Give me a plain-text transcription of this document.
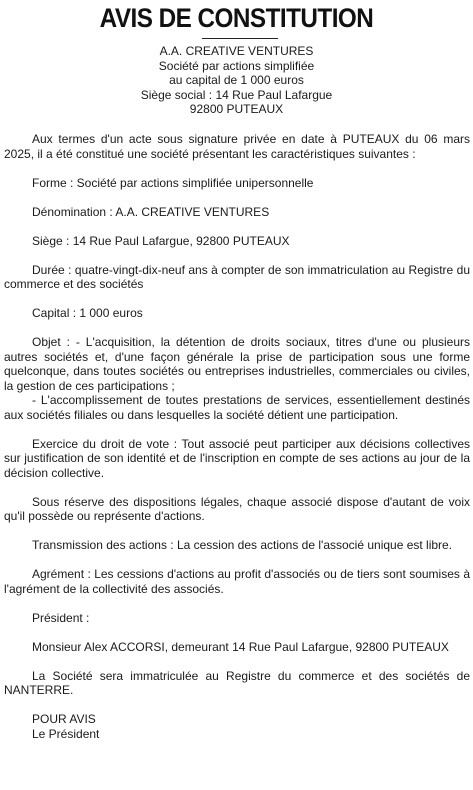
AVIS DE CONSTITUTION
A.A. CREATIVE VENTURES
Société par actions simplifiée
au capital de 1 000 euros
Siège social : 14 Rue Paul Lafargue
92800 PUTEAUX

Aux termes d'un acte sous signature privée en date à PUTEAUX du 06 mars 2025, il a été constitué une société présentant les caractéristiques suivantes :

Forme : Société par actions simplifiée unipersonnelle

Dénomination : A.A. CREATIVE VENTURES

Siège : 14 Rue Paul Lafargue, 92800 PUTEAUX

Durée : quatre-vingt-dix-neuf ans à compter de son immatriculation au Registre du commerce et des sociétés

Capital : 1 000 euros

Objet : - L'acquisition, la détention de droits sociaux, titres d'une ou plusieurs autres sociétés et, d'une façon générale la prise de participation sous une forme quelconque, dans toutes sociétés ou entreprises industrielles, commerciales ou civiles, la gestion de ces participations ;
- L'accomplissement de toutes prestations de services, essentiellement destinés aux sociétés filiales ou dans lesquelles la société détient une participation.

Exercice du droit de vote : Tout associé peut participer aux décisions collectives sur justification de son identité et de l'inscription en compte de ses actions au jour de la décision collective.

Sous réserve des dispositions légales, chaque associé dispose d'autant de voix qu'il possède ou représente d'actions.

Transmission des actions : La cession des actions de l'associé unique est libre.

Agrément : Les cessions d'actions au profit d'associés ou de tiers sont soumises à l'agrément de la collectivité des associés.

Président :

Monsieur Alex ACCORSI, demeurant 14 Rue Paul Lafargue, 92800 PUTEAUX

La Société sera immatriculée au Registre du commerce et des sociétés de NANTERRE.

POUR AVIS
Le Président
